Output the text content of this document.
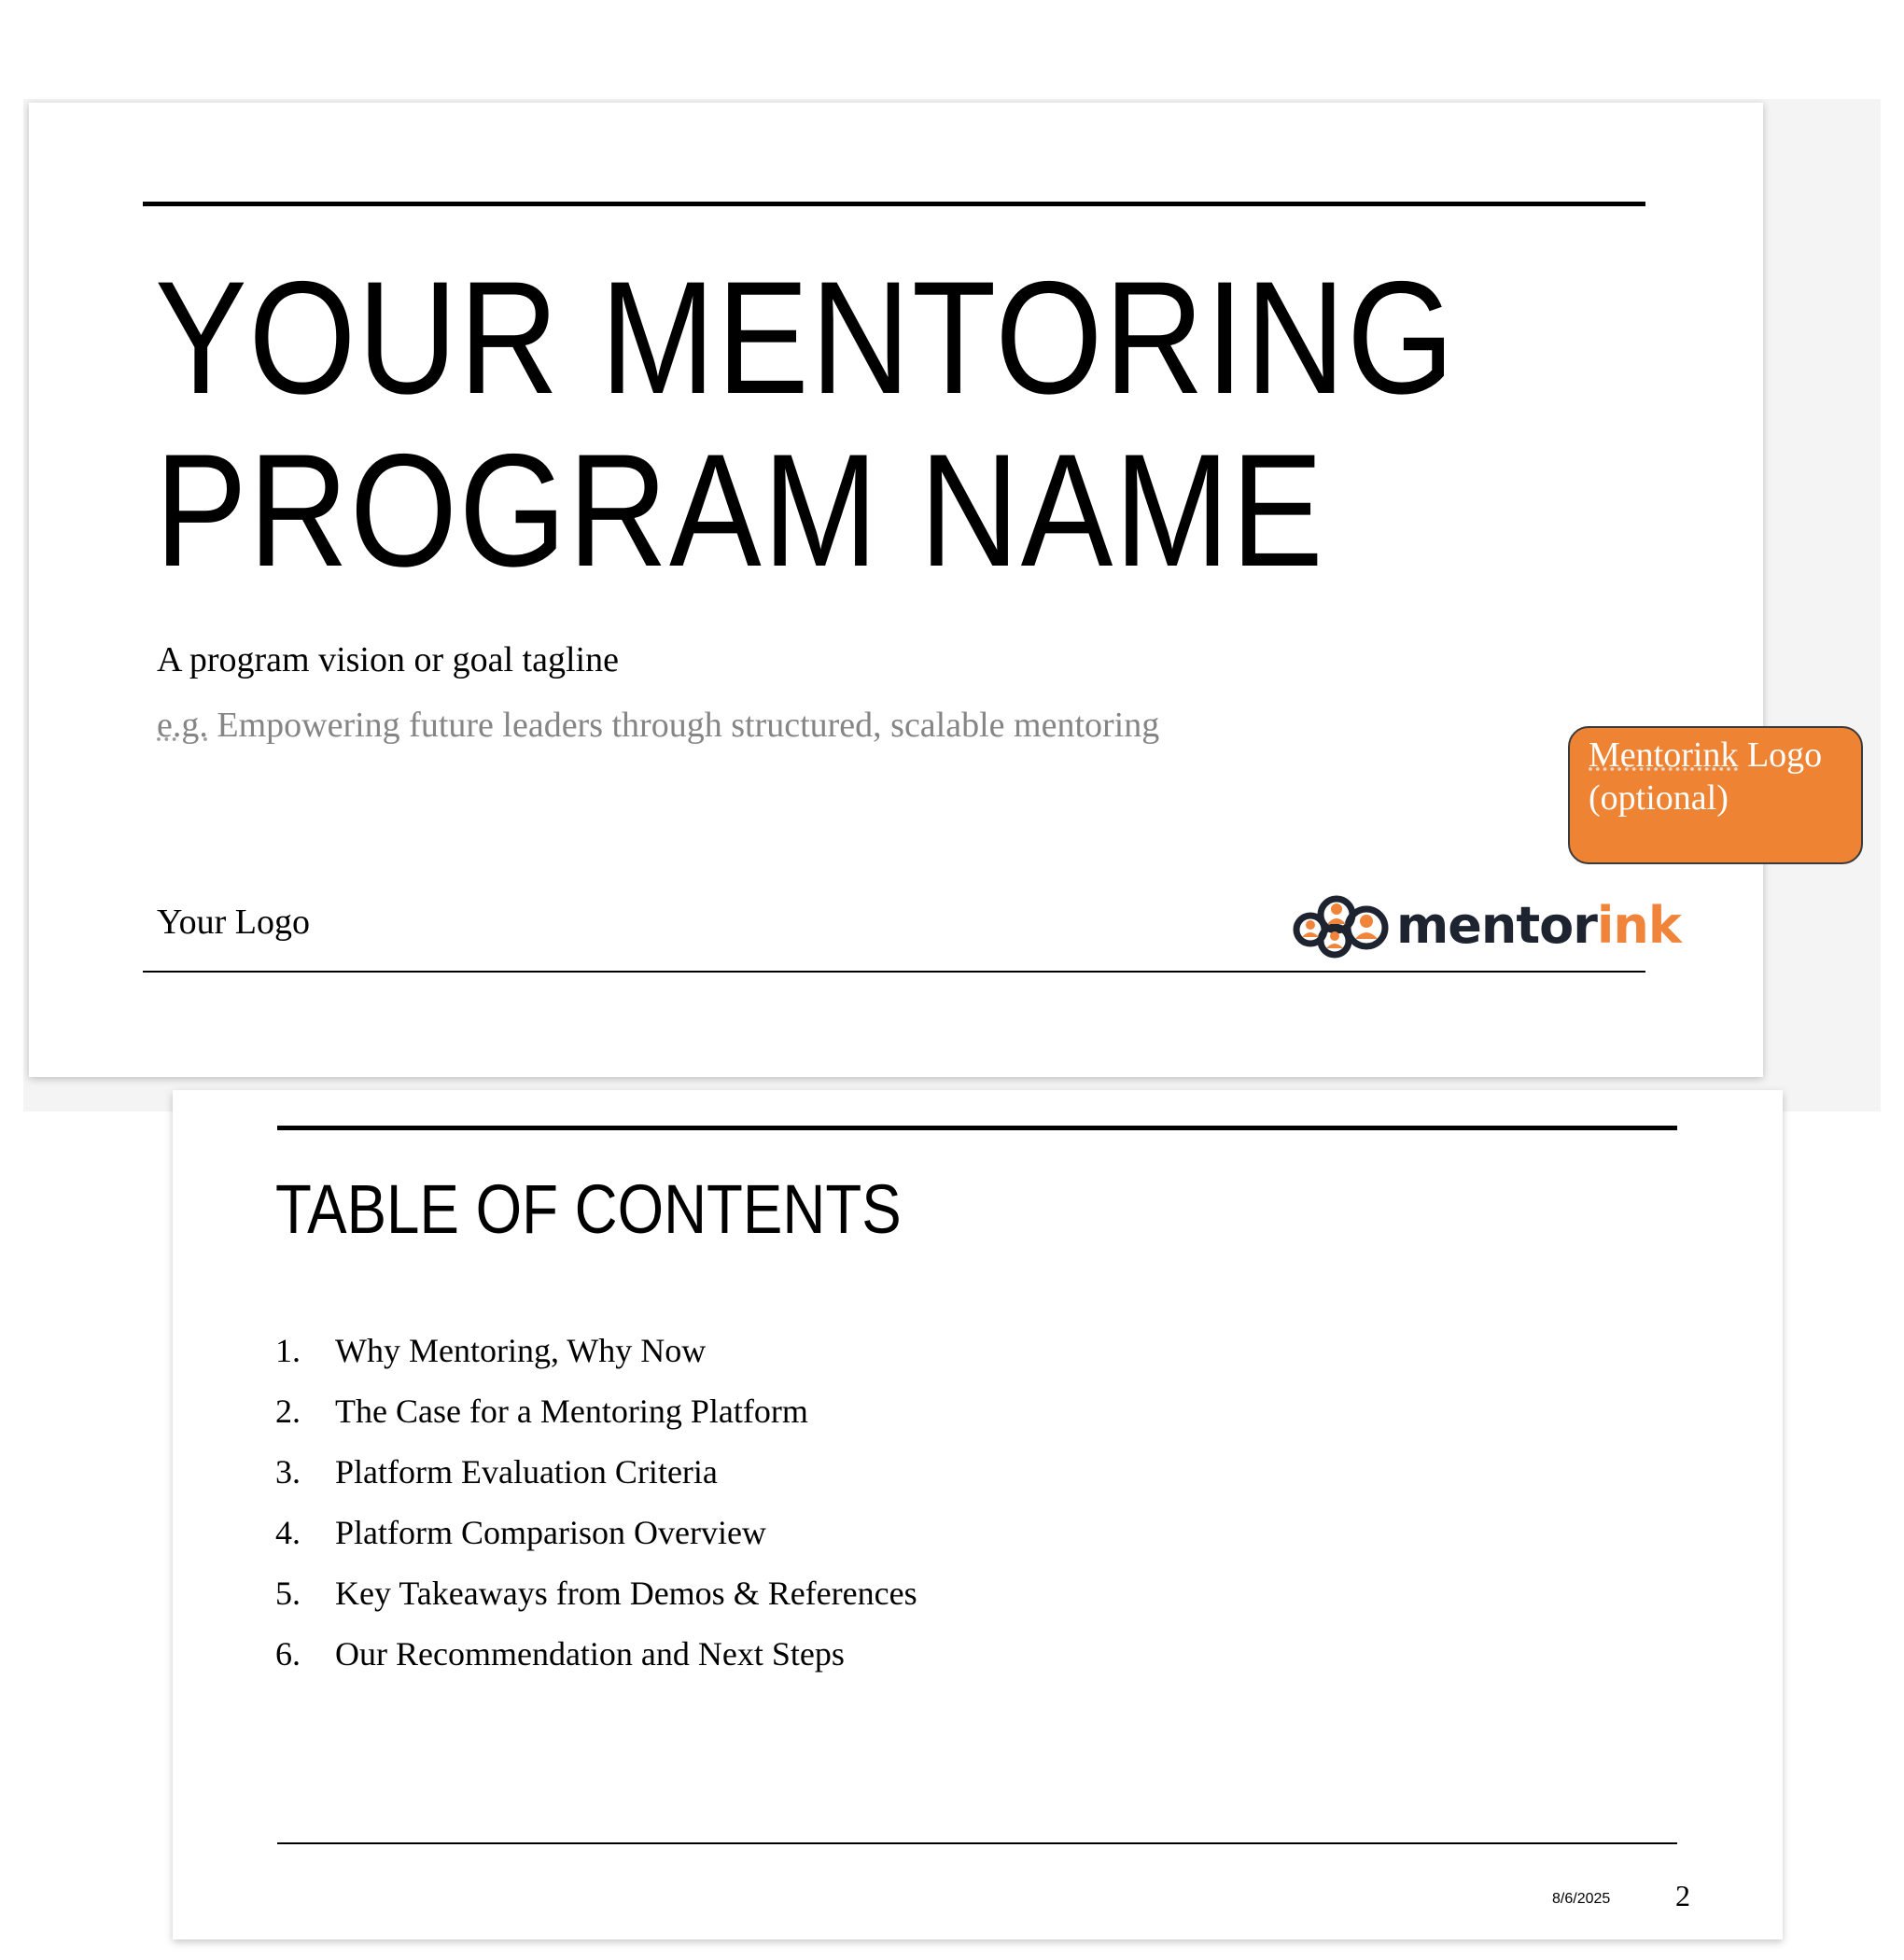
YOUR MENTORING
PROGRAM NAME

A program vision or goal tagline

e.g. Empowering future leaders through structured, scalable mentoring

Your Logo	mentorink
Mentorink Logo
(optional)
TABLE OF CONTENTS
1.	Why Mentoring, Why Now
2.	The Case for a Mentoring Platform
3.	Platform Evaluation Criteria
4.	Platform Comparison Overview
5.	Key Takeaways from Demos & References
6.	Our Recommendation and Next Steps
8/6/2025 2
